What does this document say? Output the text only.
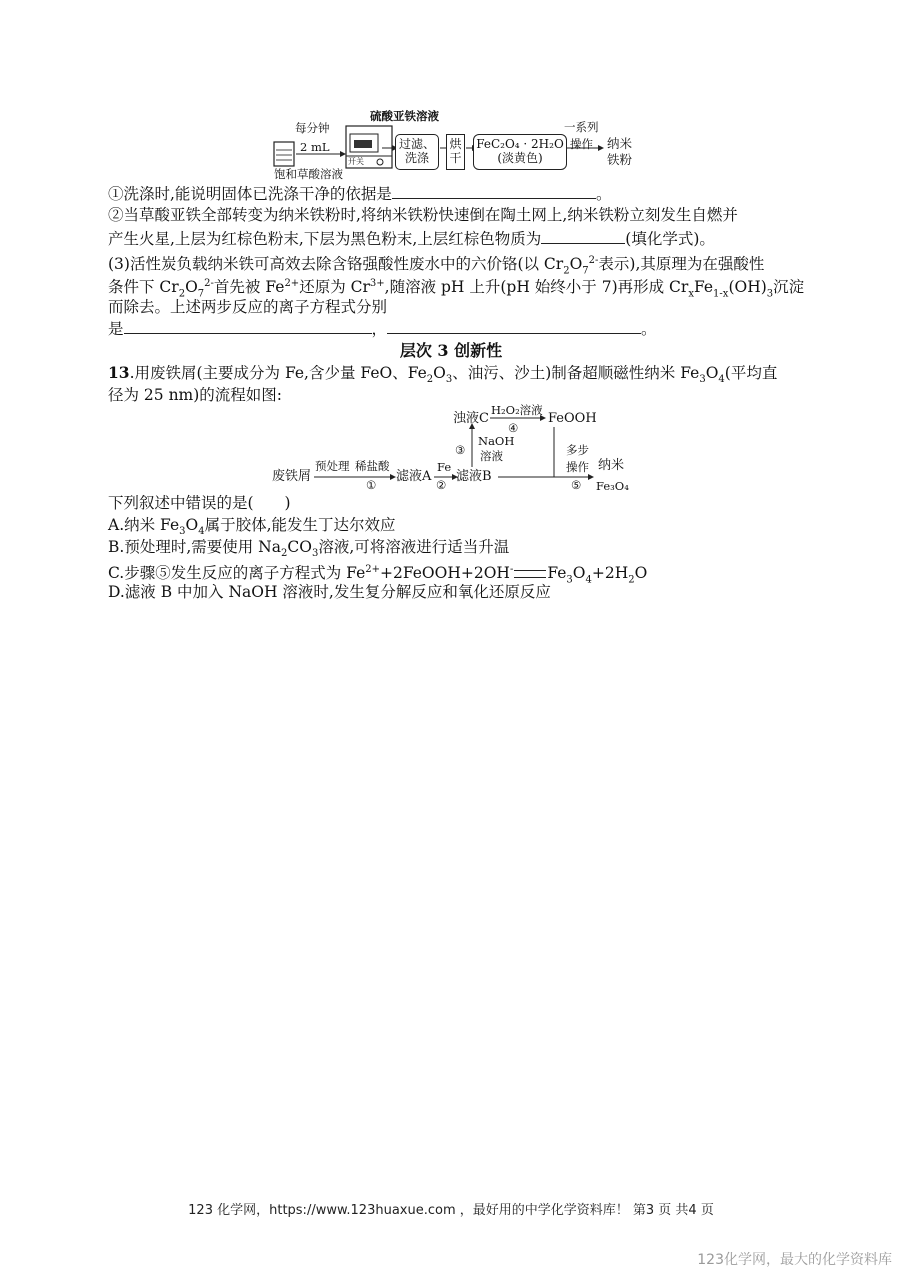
每分钟
2 mL
饱和草酸溶液
硫酸亚铁溶液
开关
过滤、
洗涤
烘
干
FeC₂O₄ · 2H₂O
(淡黄色)
一系列
操作 纳米
铁粉
①洗涤时,能说明固体已洗涤干净的依据是	。
②当草酸亚铁全部转变为纳米铁粉时,将纳米铁粉快速倒在陶土网上,纳米铁粉立刻发生自燃并
产生火星,上层为红棕色粉末,下层为黑色粉末,上层红棕色物质为	(填化学式)。
(3)活性炭负载纳米铁可高效去除含铬强酸性废水中的六价铬(以 $Cr_2O_7^{2-}$表示),其原理为在强酸性
条件下 $Cr_2O_7^{2-}$首先被 $Fe^{2+}$还原为 $Cr^{3+}$,随溶液 pH 上升(pH 始终小于 7)再形成 $Cr_xFe_{1-x}(OH)_3$沉淀
而除去。上述两步反应的离子方程式分别
是	，	。
层次 3 创新性
13.用废铁屑(主要成分为 Fe,含少量 FeO、$Fe_2O_3$、油污、沙土)制备超顺磁性纳米 $Fe_3O_4$(平均直
径为 25 nm)的流程如图:
废铁屑
预处理 稀盐酸
①
滤液A
Fe
②
滤液B
③
NaOH
溶液
浊液C
H₂O₂溶液
④
FeOOH
多步
操作
⑤
纳米
Fe₃O₄
下列叙述中错误的是(　　)
A.纳米 $Fe_3O_4$属于胶体,能发生丁达尔效应
B.预处理时,需要使用 $Na_2CO_3$溶液,可将溶液进行适当升温
C.步骤⑤发生反应的离子方程式为 $Fe^{2+}+2FeOOH+2OH^-$ $Fe_3O_4+2H_2O$
D.滤液 B 中加入 NaOH 溶液时,发生复分解反应和氧化还原反应
123 化学网，https://www.123huaxue.com ，最好用的中学化学资料库！ 第3 页 共4 页
123化学网，最大的化学资料库
